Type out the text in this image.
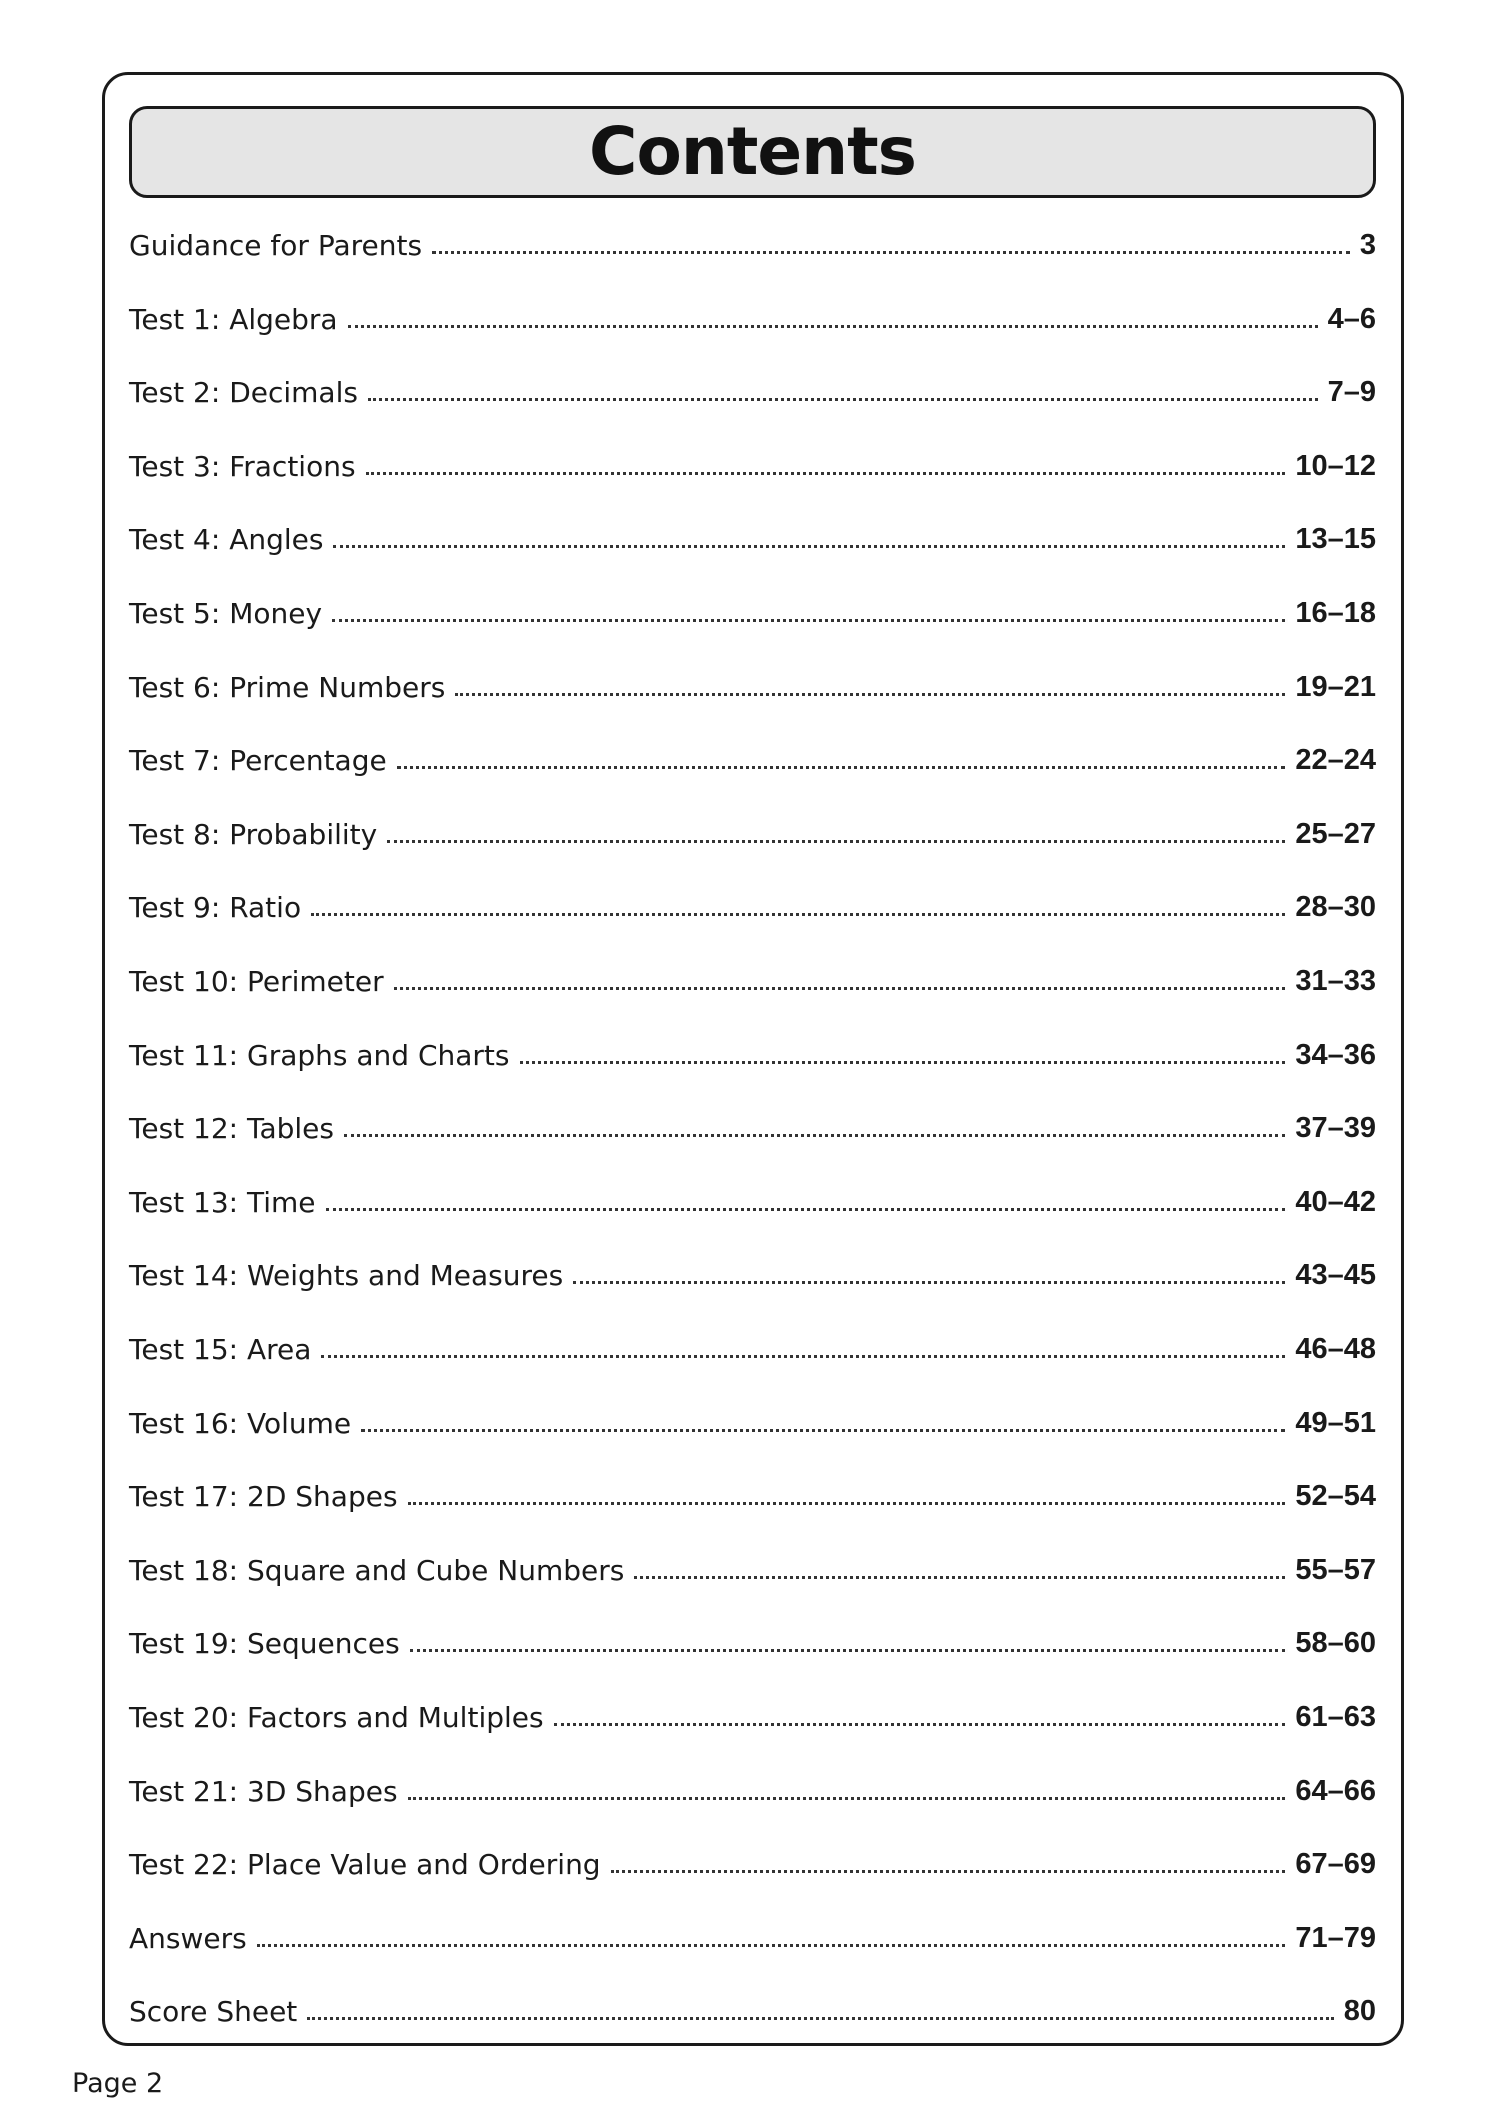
Contents
Guidance for Parents	3
Test 1: Algebra	4–6
Test 2: Decimals	7–9
Test 3: Fractions	10–12
Test 4: Angles	13–15
Test 5: Money	16–18
Test 6: Prime Numbers	19–21
Test 7: Percentage	22–24
Test 8: Probability	25–27
Test 9: Ratio	28–30
Test 10: Perimeter	31–33
Test 11: Graphs and Charts	34–36
Test 12: Tables	37–39
Test 13: Time	40–42
Test 14: Weights and Measures	43–45
Test 15: Area	46–48
Test 16: Volume	49–51
Test 17: 2D Shapes	52–54
Test 18: Square and Cube Numbers	55–57
Test 19: Sequences	58–60
Test 20: Factors and Multiples	61–63
Test 21: 3D Shapes	64–66
Test 22: Place Value and Ordering	67–69
Answers	71–79
Score Sheet	80
Page 2
